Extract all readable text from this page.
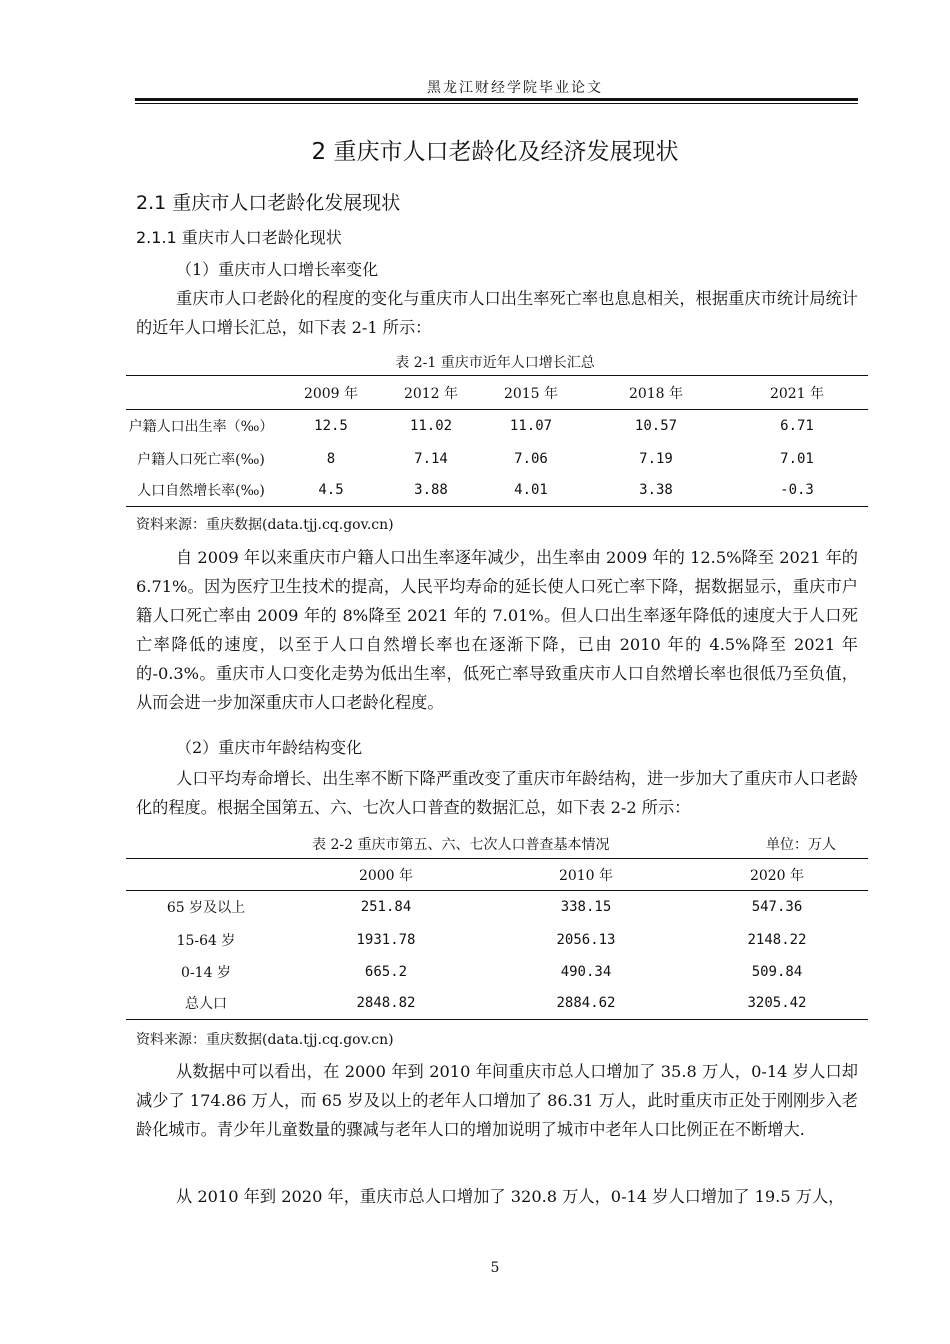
黑龙江财经学院毕业论文
2 重庆市人口老龄化及经济发展现状
2.1 重庆市人口老龄化发展现状
2.1.1 重庆市人口老龄化现状
（1）重庆市人口增长率变化

重庆市人口老龄化的程度的变化与重庆市人口出生率死亡率也息息相关，根据重庆市统计局统计的近年人口增长汇总，如下表 2-1 所示：

表 2-1 重庆市近年人口增长汇总
	2009 年	2012 年	2015 年	2018 年	2021 年
户籍人口出生率（‰）	12.5	11.02	11.07	10.57	6.71
户籍人口死亡率(‰)	8	7.14	7.06	7.19	7.01
人口自然增长率(‰)	4.5	3.88	4.01	3.38	-0.3
资料来源：重庆数据(data.tjj.cq.gov.cn)

自 2009 年以来重庆市户籍人口出生率逐年减少，出生率由 2009 年的 12.5%降至 2021 年的 6.71%。因为医疗卫生技术的提高，人民平均寿命的延长使人口死亡率下降，据数据显示，重庆市户籍人口死亡率由 2009 年的 8%降至 2021 年的 7.01%。但人口出生率逐年降低的速度大于人口死亡率降低的速度，以至于人口自然增长率也在逐渐下降，已由 2010 年的 4.5%降至 2021 年的-0.3%。重庆市人口变化走势为低出生率，低死亡率导致重庆市人口自然增长率也很低乃至负值，从而会进一步加深重庆市人口老龄化程度。

（2）重庆市年龄结构变化

人口平均寿命增长、出生率不断下降严重改变了重庆市年龄结构，进一步加大了重庆市人口老龄化的程度。根据全国第五、六、七次人口普查的数据汇总，如下表 2-2 所示：

表 2-2 重庆市第五、六、七次人口普查基本情况	单位：万人
	2000 年	2010 年	2020 年
65 岁及以上	251.84	338.15	547.36
15-64 岁	1931.78	2056.13	2148.22
0-14 岁	665.2	490.34	509.84
总人口	2848.82	2884.62	3205.42
资料来源：重庆数据(data.tjj.cq.gov.cn)

从数据中可以看出，在 2000 年到 2010 年间重庆市总人口增加了 35.8 万人，0-14 岁人口却减少了 174.86 万人，而 65 岁及以上的老年人口增加了 86.31 万人，此时重庆市正处于刚刚步入老龄化城市。青少年儿童数量的骤减与老年人口的增加说明了城市中老年人口比例正在不断增大.

从 2010 年到 2020 年，重庆市总人口增加了 320.8 万人，0-14 岁人口增加了 19.5 万人，

5
